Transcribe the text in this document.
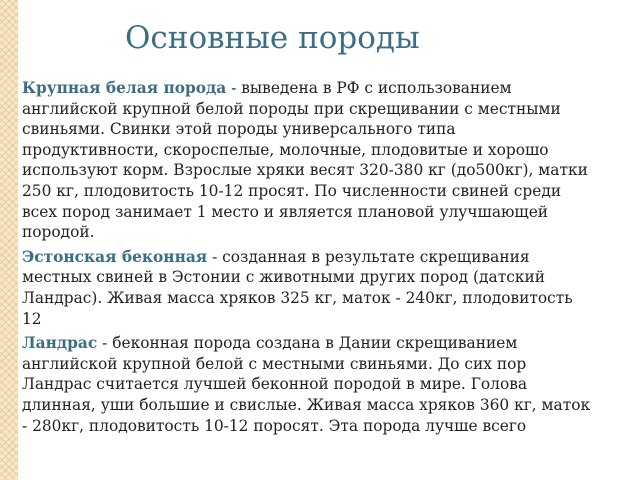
Основные породы

Крупная белая порода - выведена в РФ с использованием английской крупной белой породы при скрещивании с местными свиньями. Свинки этой породы универсального типа продуктивности, скороспелые, молочные, плодовитые и хорошо используют корм. Взрослые хряки весят 320-380 кг (до500кг), матки 250 кг, плодовитость 10-12 просят. По численности свиней среди всех пород занимает 1 место и является плановой улучшающей породой.

Эстонская беконная - созданная в результате скрещивания местных свиней в Эстонии с животными других пород (датский Ландрас). Живая масса хряков 325 кг, маток - 240кг, плодовитость 12

Ландрас - беконная порода создана в Дании скрещиванием английской крупной белой с местными свиньями. До сих пор Ландрас считается лучшей беконной породой в мире. Голова длинная, уши большие и свислые. Живая масса хряков 360 кг, маток - 280кг, плодовитость 10-12 поросят. Эта порода лучше всего
